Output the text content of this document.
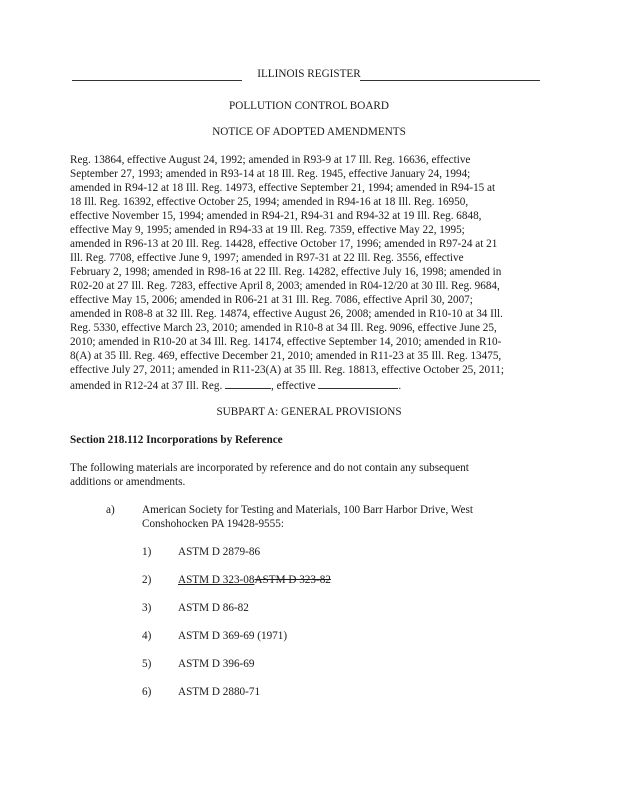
ILLINOIS REGISTER
POLLUTION CONTROL BOARD
NOTICE OF ADOPTED AMENDMENTS
Reg. 13864, effective August 24, 1992; amended in R93-9 at 17 Ill. Reg. 16636, effective
September 27, 1993; amended in R93-14 at 18 Ill. Reg. 1945, effective January 24, 1994;
amended in R94-12 at 18 Ill. Reg. 14973, effective September 21, 1994; amended in R94-15 at
18 Ill. Reg. 16392, effective October 25, 1994; amended in R94-16 at 18 Ill. Reg. 16950,
effective November 15, 1994; amended in R94-21, R94-31 and R94-32 at 19 Ill. Reg. 6848,
effective May 9, 1995; amended in R94-33 at 19 Ill. Reg. 7359, effective May 22, 1995;
amended in R96-13 at 20 Ill. Reg. 14428, effective October 17, 1996; amended in R97-24 at 21
Ill. Reg. 7708, effective June 9, 1997; amended in R97-31 at 22 Ill. Reg. 3556, effective
February 2, 1998; amended in R98-16 at 22 Ill. Reg. 14282, effective July 16, 1998; amended in
R02-20 at 27 Ill. Reg. 7283, effective April 8, 2003; amended in R04-12/20 at 30 Ill. Reg. 9684,
effective May 15, 2006; amended in R06-21 at 31 Ill. Reg. 7086, effective April 30, 2007;
amended in R08-8 at 32 Ill. Reg. 14874, effective August 26, 2008; amended in R10-10 at 34 Ill.
Reg. 5330, effective March 23, 2010; amended in R10-8 at 34 Ill. Reg. 9096, effective June 25,
2010; amended in R10-20 at 34 Ill. Reg. 14174, effective September 14, 2010; amended in R10-
8(A) at 35 Ill. Reg. 469, effective December 21, 2010; amended in R11-23 at 35 Ill. Reg. 13475,
effective July 27, 2011; amended in R11-23(A) at 35 Ill. Reg. 18813, effective October 25, 2011;
amended in R12-24 at 37 Ill. Reg.	, effective	.
SUBPART A: GENERAL PROVISIONS
Section 218.112 Incorporations by Reference
The following materials are incorporated by reference and do not contain any subsequent
additions or amendments.
a) American Society for Testing and Materials, 100 Barr Harbor Drive, West
Conshohocken PA 19428-9555:
1) ASTM D 2879-86
2) ASTM D 323-08ASTM D 323-82
3) ASTM D 86-82
4) ASTM D 369-69 (1971)
5) ASTM D 396-69
6) ASTM D 2880-71
